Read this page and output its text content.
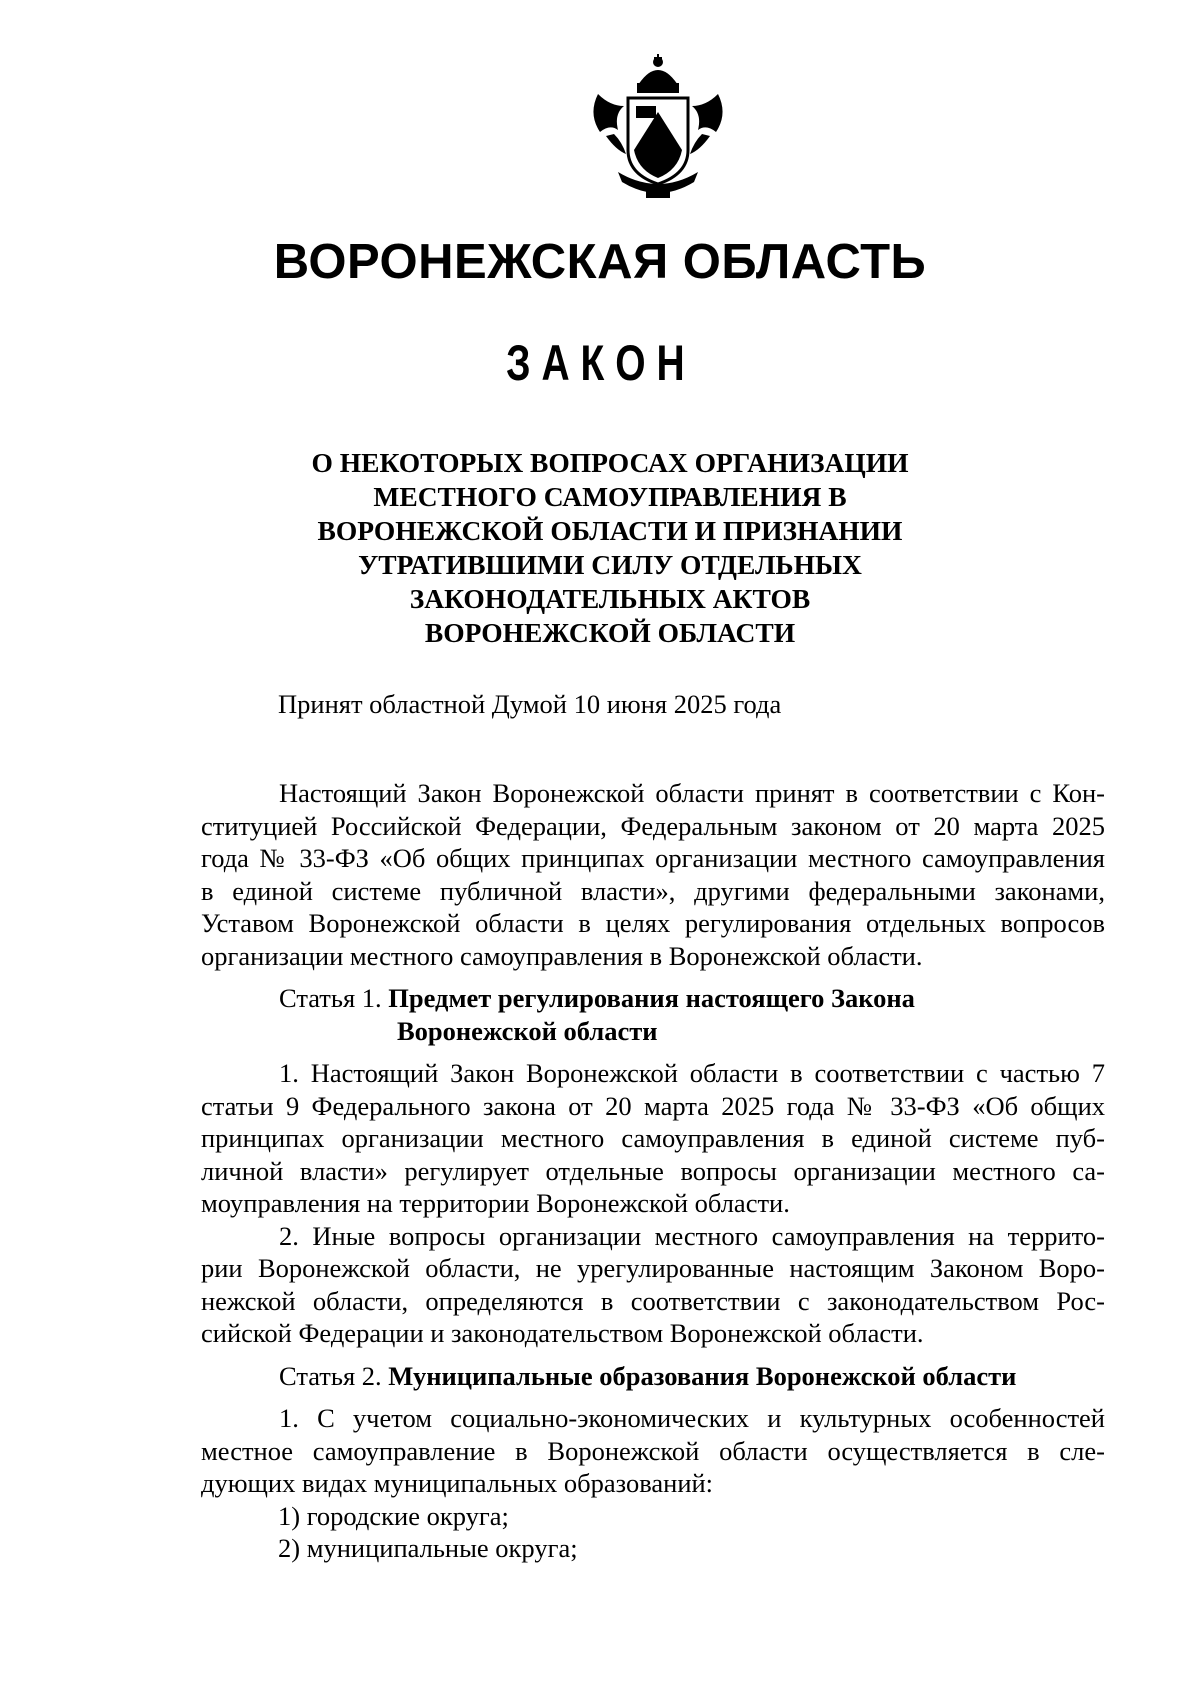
ВОРОНЕЖСКАЯ ОБЛАСТЬ
ЗАКОН
О НЕКОТОРЫХ ВОПРОСАХ ОРГАНИЗАЦИИ
МЕСТНОГО САМОУПРАВЛЕНИЯ В
ВОРОНЕЖСКОЙ ОБЛАСТИ И ПРИЗНАНИИ
УТРАТИВШИМИ СИЛУ ОТДЕЛЬНЫХ
ЗАКОНОДАТЕЛЬНЫХ АКТОВ
ВОРОНЕЖСКОЙ ОБЛАСТИ
Принят областной Думой 10 июня 2025 года
Настоящий Закон Воронежской области принят в соответствии с Кон-
ституцией Российской Федерации, Федеральным законом от 20 марта 2025
года № 33-ФЗ «Об общих принципах организации местного самоуправления
в единой системе публичной власти», другими федеральными законами,
Уставом Воронежской области в целях регулирования отдельных вопросов
организации местного самоуправления в Воронежской области.
Статья 1. Предмет регулирования настоящего Закона
Воронежской области
1. Настоящий Закон Воронежской области в соответствии с частью 7
статьи 9 Федерального закона от 20 марта 2025 года № 33-ФЗ «Об общих
принципах организации местного самоуправления в единой системе пуб-
личной власти» регулирует отдельные вопросы организации местного са-
моуправления на территории Воронежской области.
2. Иные вопросы организации местного самоуправления на террито-
рии Воронежской области, не урегулированные настоящим Законом Воро-
нежской области, определяются в соответствии с законодательством Рос-
сийской Федерации и законодательством Воронежской области.
Статья 2. Муниципальные образования Воронежской области
1. С учетом социально-экономических и культурных особенностей
местное самоуправление в Воронежской области осуществляется в сле-
дующих видах муниципальных образований:
1) городские округа;
2) муниципальные округа;
